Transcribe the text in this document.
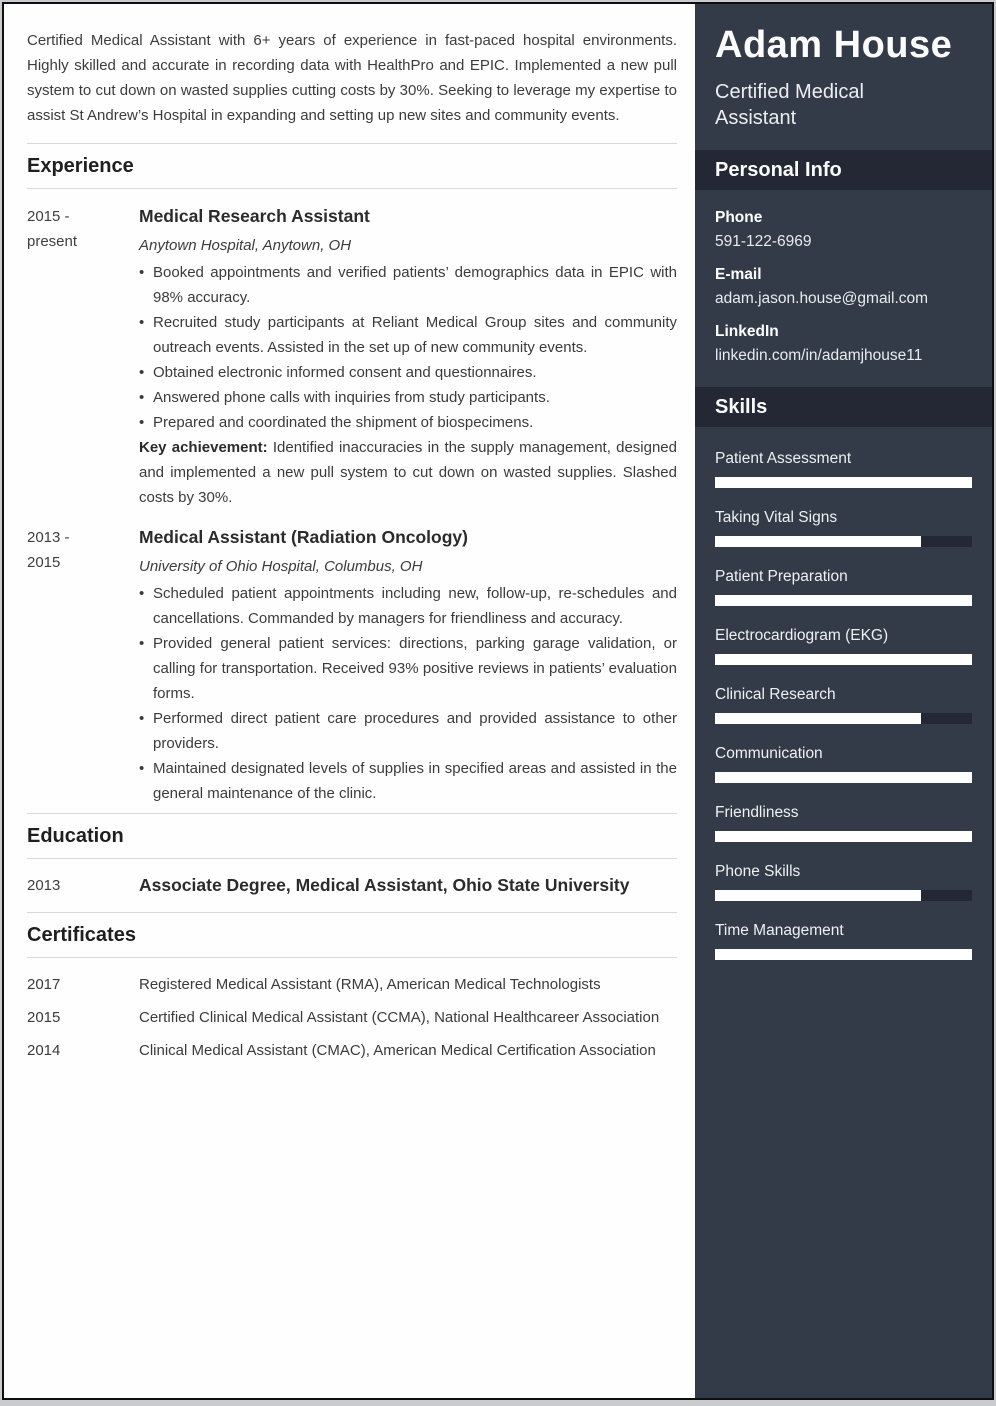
Certified Medical Assistant with 6+ years of experience in fast-paced hospital environments. Highly skilled and accurate in recording data with HealthPro and EPIC. Implemented a new pull system to cut down on wasted supplies cutting costs by 30%. Seeking to leverage my expertise to assist St Andrew’s Hospital in expanding and setting up new sites and community events.

Experience
2015 -
present
Medical Research Assistant
Anytown Hospital, Anytown, OH
• Booked appointments and verified patients’ demographics data in EPIC with 98% accuracy.
• Recruited study participants at Reliant Medical Group sites and community outreach events. Assisted in the set up of new community events.
• Obtained electronic informed consent and questionnaires.
• Answered phone calls with inquiries from study participants.
• Prepared and coordinated the shipment of biospecimens.

Key achievement: Identified inaccuracies in the supply management, designed and implemented a new pull system to cut down on wasted supplies. Slashed costs by 30%.

2013 -
2015
Medical Assistant (Radiation Oncology)
University of Ohio Hospital, Columbus, OH
• Scheduled patient appointments including new, follow-up, re-schedules and cancellations. Commanded by managers for friendliness and accuracy.
• Provided general patient services: directions, parking garage validation, or calling for transportation. Received 93% positive reviews in patients’ evaluation forms.
• Performed direct patient care procedures and provided assistance to other providers.
• Maintained designated levels of supplies in specified areas and assisted in the general maintenance of the clinic.
Education
2013	Associate Degree, Medical Assistant, Ohio State University
Certificates
2017	Registered Medical Assistant (RMA), American Medical Technologists
2015	Certified Clinical Medical Assistant (CCMA), National Healthcareer Association
2014	Clinical Medical Assistant (CMAC), American Medical Certification Association
Adam House
Certified Medical Assistant
Personal Info
Phone
591-122-6969
E-mail
adam.jason.house@gmail.com
LinkedIn
linkedin.com/in/adamjhouse11
Skills
Patient Assessment
Taking Vital Signs
Patient Preparation
Electrocardiogram (EKG)
Clinical Research
Communication
Friendliness
Phone Skills
Time Management
